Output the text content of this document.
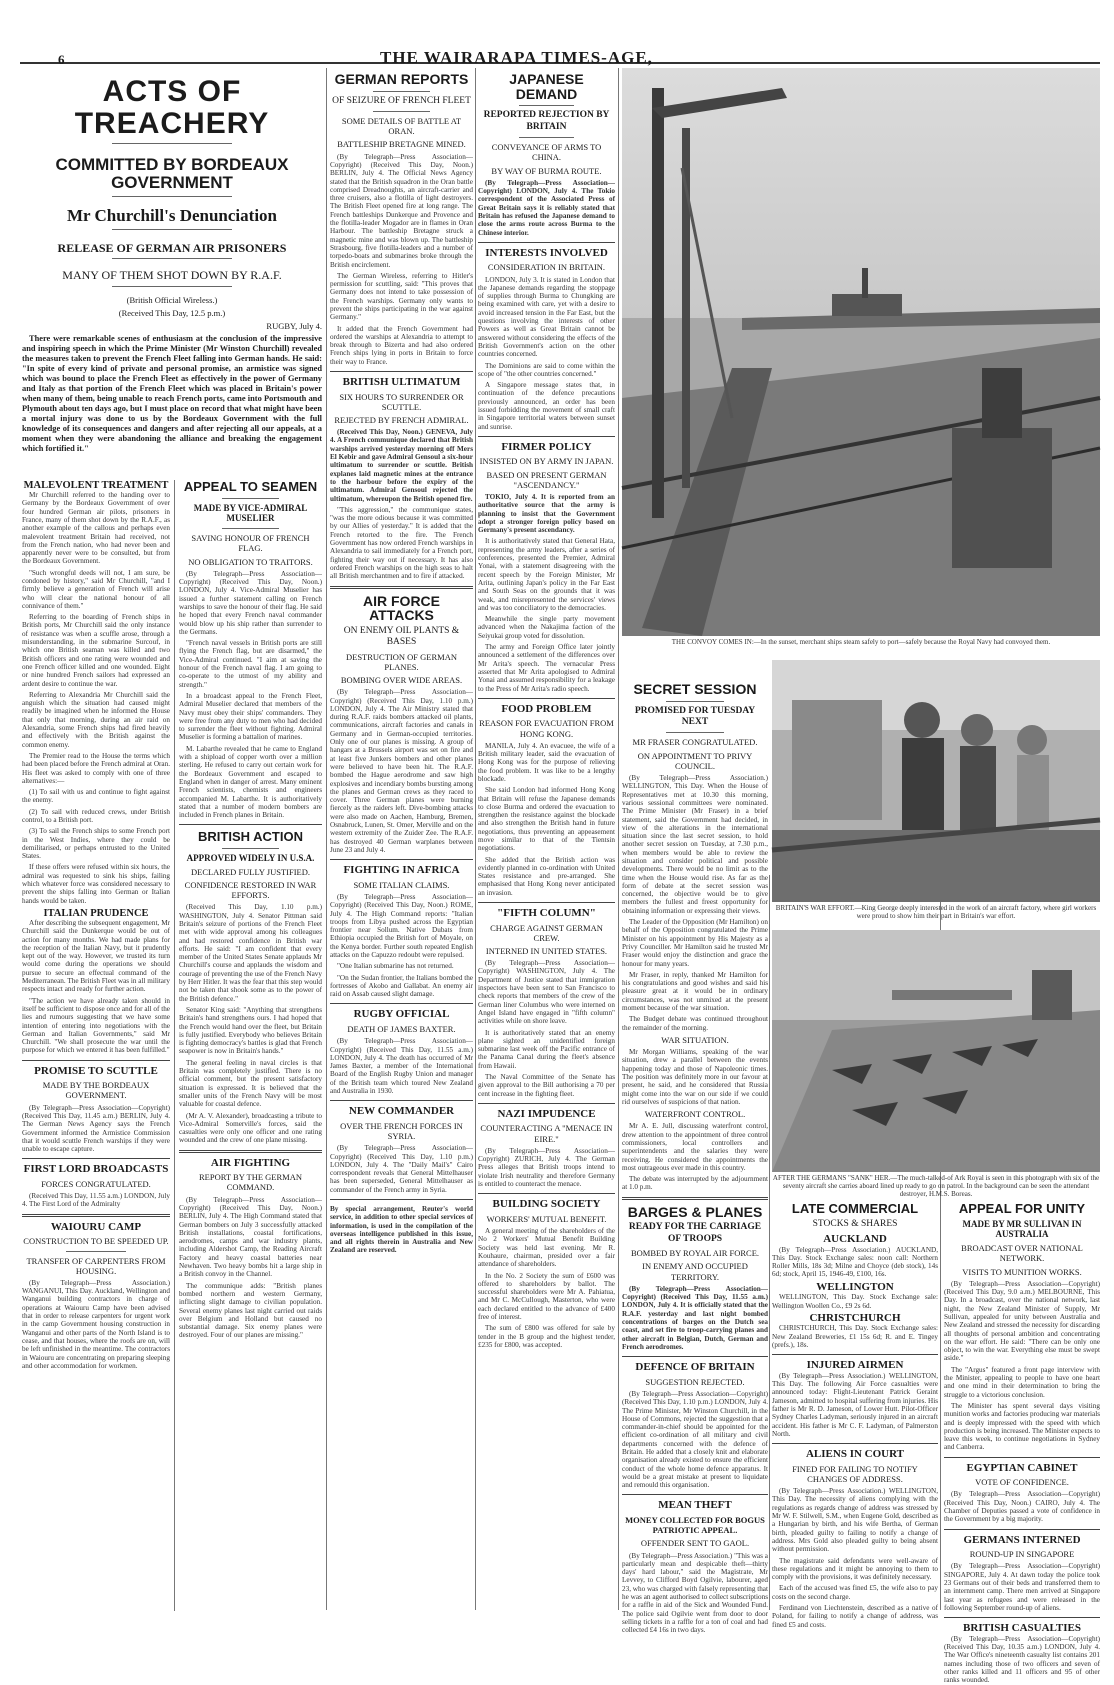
6	THE WAIRARAPA TIMES-AGE,
ACTS OF TREACHERY
COMMITTED BY BORDEAUX GOVERNMENT
Mr Churchill's Denunciation
RELEASE OF GERMAN AIR PRISONERS
MANY OF THEM SHOT DOWN BY R.A.F.
(British Official Wireless.)
(Received This Day, 12.5 p.m.)
RUGBY, July 4.
There were remarkable scenes of enthusiasm at the conclusion of the impressive and inspiring speech in which the Prime Minister (Mr Winston Churchill) revealed the measures taken to prevent the French Fleet falling into German hands. He said: "In spite of every kind of private and personal promise, an armistice was signed which was bound to place the French Fleet as effectively in the power of Germany and Italy as that portion of the French Fleet which was placed in Britain's power when many of them, being unable to reach French ports, came into Portsmouth and Plymouth about ten days ago, but I must place on record that what might have been a mortal injury was done to us by the Bordeaux Government with the full knowledge of its consequences and dangers and after rejecting all our appeals, at a moment when they were abandoning the alliance and breaking the engagement which fortified it."
MALEVOLENT TREATMENT
Mr Churchill referred to the handing over to Germany by the Bordeaux Government of over four hundred German air pilots, prisoners in France, many of them shot down by the R.A.F., as another example of the callous and perhaps even malevolent treatment Britain had received, not from the French nation, who had never been and apparently never were to be consulted, but from the Bordeaux Government.
"Such wrongful deeds will not, I am sure, be condoned by history," said Mr Churchill, "and I firmly believe a generation of French will arise who will clear the national honour of all connivance of them."
Referring to the boarding of French ships in British ports, Mr Churchill said the only instance of resistance was when a scuffle arose, through a misunderstanding, in the submarine Surcouf, in which one British seaman was killed and two British officers and one rating were wounded and one French officer killed and one wounded. Eight or nine hundred French sailors had expressed an ardent desire to continue the war.
Referring to Alexandria Mr Churchill said the anguish which the situation had caused might readily be imagined when he informed the House that only that morning, during an air raid on Alexandria, some French ships had fired heavily and effectively with the British against the common enemy.
The Premier read to the House the terms which had been placed before the French admiral at Oran. His fleet was asked to comply with one of three alternatives:—
(1) To sail with us and continue to fight against the enemy.
(2) To sail with reduced crews, under British control, to a British port.
(3) To sail the French ships to some French port in the West Indies, where they could be demilitarised, or perhaps entrusted to the United States.
If these offers were refused within six hours, the admiral was requested to sink his ships, failing which whatever force was considered necessary to prevent the ships falling into German or Italian hands would be taken.
ITALIAN PRUDENCE
After describing the subsequent engagement, Mr Churchill said the Dunkerque would be out of action for many months. We had made plans for the reception of the Italian Navy, but it prudently kept out of the way. However, we trusted its turn would come during the operations we should pursue to secure an effectual command of the Mediterranean. The British Fleet was in all military respects intact and ready for further action.
"The action we have already taken should in itself be sufficient to dispose once and for all of the lies and rumours suggesting that we have some intention of entering into negotiations with the German and Italian Governments," said Mr Churchill. "We shall prosecute the war until the purpose for which we entered it has been fulfilled."
PROMISE TO SCUTTLE
MADE BY THE BORDEAUX GOVERNMENT.
(By Telegraph—Press Association—Copyright) (Received This Day, 11.45 a.m.) BERLIN, July 4. The German News Agency says the French Government informed the Armistice Commission that it would scuttle French warships if they were unable to escape capture.
FIRST LORD BROADCASTS
FORCES CONGRATULATED.
(Received This Day, 11.55 a.m.) LONDON, July 4. The First Lord of the Admiralty
WAIOURU CAMP
CONSTRUCTION TO BE SPEEDED UP.
TRANSFER OF CARPENTERS FROM HOUSING.
(By Telegraph—Press Association.) WANGANUI, This Day. Auckland, Wellington and Wanganui building contractors in charge of operations at Waiouru Camp have been advised that in order to release carpenters for urgent work in the camp Government housing construction in Wanganui and other parts of the North Island is to cease, and that houses, where the roofs are on, will be left unfinished in the meantime. The contractors in Waiouru are concentrating on preparing sleeping and other accommodation for workmen.
APPEAL TO SEAMEN
MADE BY VICE-ADMIRAL MUSELIER
SAVING HONOUR OF FRENCH FLAG.
NO OBLIGATION TO TRAITORS.
(By Telegraph—Press Association—Copyright) (Received This Day, Noon.) LONDON, July 4. Vice-Admiral Muselier has issued a further statement calling on French warships to save the honour of their flag. He said he hoped that every French naval commander would blow up his ship rather than surrender to the Germans.
"French naval vessels in British ports are still flying the French flag, but are disarmed," the Vice-Admiral continued. "I aim at saving the honour of the French naval flag. I am going to co-operate to the utmost of my ability and strength."
In a broadcast appeal to the French Fleet, Admiral Muselier declared that members of the Navy must obey their ships' commanders. They were free from any duty to men who had decided to surrender the fleet without fighting. Admiral Muselier is forming a battalion of marines.
M. Labarthe revealed that he came to England with a shipload of copper worth over a million sterling. He refused to carry out certain work for the Bordeaux Government and escaped to England when in danger of arrest. Many eminent French scientists, chemists and engineers accompanied M. Labarthe. It is authoritatively stated that a number of modern bombers are included in French planes in Britain.
BRITISH ACTION
APPROVED WIDELY IN U.S.A.
DECLARED FULLY JUSTIFIED.
CONFIDENCE RESTORED IN WAR EFFORTS.
(Received This Day, 1.10 p.m.) WASHINGTON, July 4. Senator Pittman said Britain's seizure of portions of the French Fleet met with wide approval among his colleagues and had restored confidence in British war efforts. He said: "I am confident that every member of the United States Senate applauds Mr Churchill's course and applauds the wisdom and courage of preventing the use of the French Navy by Herr Hitler. It was the fear that this step would not be taken that shook some as to the power of the British defence."
Senator King said: "Anything that strengthens Britain's hand strengthens ours. I had hoped that the French would hand over the fleet, but Britain is fully justified. Everybody who believes Britain is fighting democracy's battles is glad that French seapower is now in Britain's hands."
The general feeling in naval circles is that Britain was completely justified. There is no official comment, but the present satisfactory situation is expressed. It is believed that the smaller units of the French Navy will be most valuable for coastal defence.
(Mr A. V. Alexander), broadcasting a tribute to Vice-Admiral Somerville's forces, said the casualties were only one officer and one rating wounded and the crew of one plane missing.
AIR FIGHTING
REPORT BY THE GERMAN COMMAND.
(By Telegraph—Press Association—Copyright) (Received This Day, Noon.) BERLIN, July 4. The High Command stated that German bombers on July 3 successfully attacked British installations, coastal fortifications, aerodromes, camps and war industry plants, including Aldershot Camp, the Reading Aircraft Factory and heavy coastal batteries near Newhaven. Two heavy bombs hit a large ship in a British convoy in the Channel.
The communique adds: "British planes bombed northern and western Germany, inflicting slight damage to civilian population. Several enemy planes last night carried out raids over Belgium and Holland but caused no substantial damage. Six enemy planes were destroyed. Four of our planes are missing."
GERMAN REPORTS
OF SEIZURE OF FRENCH FLEET
SOME DETAILS OF BATTLE AT ORAN.
BATTLESHIP BRETAGNE MINED.
(By Telegraph—Press Association—Copyright) (Received This Day, Noon.) BERLIN, July 4. The Official News Agency stated that the British squadron in the Oran battle comprised Dreadnoughts, an aircraft-carrier and three cruisers, also a flotilla of light destroyers. The British Fleet opened fire at long range. The French battleships Dunkerque and Provence and the flotilla-leader Mogador are in flames in Oran Harbour. The battleship Bretagne struck a magnetic mine and was blown up. The battleship Strasbourg, five flotilla-leaders and a number of torpedo-boats and submarines broke through the British encirclement.
The German Wireless, referring to Hitler's permission for scuttling, said: "This proves that Germany does not intend to take possession of the French warships. Germany only wants to prevent the ships participating in the war against Germany."
It added that the French Government had ordered the warships at Alexandria to attempt to break through to Bizerta and had also ordered French ships lying in ports in Britain to force their way to France.
BRITISH ULTIMATUM
SIX HOURS TO SURRENDER OR SCUTTLE.
REJECTED BY FRENCH ADMIRAL.
(Received This Day, Noon.) GENEVA, July 4. A French communique declared that British warships arrived yesterday morning off Mers El Kebir and gave Admiral Gensoul a six-hour ultimatum to surrender or scuttle. British explanes laid magnetic mines at the entrance to the harbour before the expiry of the ultimatum. Admiral Gensoul rejected the ultimatum, whereupon the British opened fire.
"This aggression," the communique states, "was the more odious because it was committed by our Allies of yesterday." It is added that the French retorted to the fire. The French Government has now ordered French warships in Alexandria to sail immediately for a French port, fighting their way out if necessary. It has also ordered French warships on the high seas to halt all British merchantmen and to fire if attacked.
AIR FORCE ATTACKS
ON ENEMY OIL PLANTS & BASES
DESTRUCTION OF GERMAN PLANES.
BOMBING OVER WIDE AREAS.
(By Telegraph—Press Association—Copyright) (Received This Day, 1.10 p.m.) LONDON, July 4. The Air Ministry stated that during R.A.F. raids bombers attacked oil plants, communications, aircraft factories and canals in Germany and in German-occupied territories. Only one of our planes is missing. A group of hangars at a Brussels airport was set on fire and at least five Junkers bombers and other planes were believed to have been hit. The R.A.F. bombed the Hague aerodrome and saw high explosives and incendiary bombs bursting among the planes and German crews as they raced to cover. Three German planes were burning fiercely as the raiders left. Dive-bombing attacks were also made on Aachen, Hamburg, Bremen, Osnabruck, Lunen, St. Omer, Merville and on the western extremity of the Zuider Zee. The R.A.F. has destroyed 40 German warplanes between June 23 and July 4.
FIGHTING IN AFRICA
SOME ITALIAN CLAIMS.
(By Telegraph—Press Association—Copyright) (Received This Day, Noon.) ROME, July 4. The High Command reports: "Italian troops from Libya pushed across the Egyptian frontier near Sollum. Native Dubats from Ethiopia occupied the British fort of Moyale, on the Kenya border. Further south repeated English attacks on the Capuzzo redoubt were repulsed.
"One Italian submarine has not returned.
"On the Sudan frontier, the Italians bombed the fortresses of Akobo and Gallabat. An enemy air raid on Assab caused slight damage.
RUGBY OFFICIAL
DEATH OF JAMES BAXTER.
(By Telegraph—Press Association—Copyright) (Received This Day, 11.55 a.m.) LONDON, July 4. The death has occurred of Mr James Baxter, a member of the International Board of the English Rugby Union and manager of the British team which toured New Zealand and Australia in 1930.
NEW COMMANDER
OVER THE FRENCH FORCES IN SYRIA.
(By Telegraph—Press Association—Copyright) (Received This Day, 1.10 p.m.) LONDON, July 4. The "Daily Mail's" Cairo correspondent reveals that General Mittelhauser has been superseded, General Mittelhauser as commander of the French army in Syria.
By special arrangement, Reuter's world service, in addition to other special services of information, is used in the compilation of the overseas intelligence published in this issue, and all rights therein in Australia and New Zealand are reserved.
JAPANESE DEMAND
REPORTED REJECTION BY BRITAIN
CONVEYANCE OF ARMS TO CHINA.
BY WAY OF BURMA ROUTE.
(By Telegraph—Press Association—Copyright) LONDON, July 4. The Tokio correspondent of the Associated Press of Great Britain says it is reliably stated that Britain has refused the Japanese demand to close the arms route across Burma to the Chinese interior.
INTERESTS INVOLVED
CONSIDERATION IN BRITAIN.
LONDON, July 3. It is stated in London that the Japanese demands regarding the stoppage of supplies through Burma to Chungking are being examined with care, yet with a desire to avoid increased tension in the Far East, but the questions involving the interests of other Powers as well as Great Britain cannot be answered without considering the effects of the British Government's action on the other countries concerned.
The Dominions are said to come within the scope of "the other countries concerned."
A Singapore message states that, in continuation of the defence precautions previously announced, an order has been issued forbidding the movement of small craft in Singapore territorial waters between sunset and sunrise.
FIRMER POLICY
INSISTED ON BY ARMY IN JAPAN.
BASED ON PRESENT GERMAN "ASCENDANCY."
TOKIO, July 4. It is reported from an authoritative source that the army is planning to insist that the Government adopt a stronger foreign policy based on Germany's present ascendancy.
It is authoritatively stated that General Hata, representing the army leaders, after a series of conferences, presented the Premier, Admiral Yonai, with a statement disagreeing with the recent speech by the Foreign Minister, Mr Arita, outlining Japan's policy in the Far East and South Seas on the grounds that it was weak, and misrepresented the services' views and was too conciliatory to the democracies.
Meanwhile the single party movement advanced when the Nakajima faction of the Seiyukai group voted for dissolution.
The army and Foreign Office later jointly announced a settlement of the differences over Mr Arita's speech. The vernacular Press asserted that Mr Arita apologised to Admiral Yonai and assumed responsibility for a leakage to the Press of Mr Arita's radio speech.
FOOD PROBLEM
REASON FOR EVACUATION FROM HONG KONG.
MANILA, July 4. An evacuee, the wife of a British military leader, said the evacuation of Hong Kong was for the purpose of relieving the food problem. It was like to be a lengthy blockade.
She said London had informed Hong Kong that Britain will refuse the Japanese demands to close Burma and ordered the evacuation to strengthen the resistance against the blockade and also strengthen the British hand in future negotiations, thus preventing an appeasement move similar to that of the Tientsin negotiations.
She added that the British action was evidently planned in co-ordination with United States resistance and pre-arranged. She emphasised that Hong Kong never anticipated an invasion.
"FIFTH COLUMN"
CHARGE AGAINST GERMAN CREW.
INTERNED IN UNITED STATES.
(By Telegraph—Press Association—Copyright) WASHINGTON, July 4. The Department of Justice stated that immigration inspectors have been sent to San Francisco to check reports that members of the crew of the German liner Columbus who were interned on Angel Island have engaged in "fifth column" activities while on shore leave.
It is authoritatively stated that an enemy plane sighted an unidentified foreign submarine last week off the Pacific entrance of the Panama Canal during the fleet's absence from Hawaii.
The Naval Committee of the Senate has given approval to the Bill authorising a 70 per cent increase in the fighting fleet.
NAZI IMPUDENCE
COUNTERACTING A "MENACE IN EIRE."
(By Telegraph—Press Association—Copyright) ZURICH, July 4. The German Press alleges that British troops intend to violate Irish neutrality and therefore Germany is entitled to counteract the menace.
BUILDING SOCIETY
WORKERS' MUTUAL BENEFIT.
A general meeting of the shareholders of the No 2 Workers' Mutual Benefit Building Society was held last evening. Mr R. Kouhaure, chairman, presided over a fair attendance of shareholders.
In the No. 2 Society the sum of £600 was offered to shareholders by ballot. The successful shareholders were Mr A. Pahiatua, and Mr C. McCullough, Masterton, who were each declared entitled to the advance of £400 free of interest.
The sum of £800 was offered for sale by tender in the B group and the highest tender, £235 for £800, was accepted.
THE CONVOY COMES IN:—In the sunset, merchant ships steam safely to port—safely because the Royal Navy had convoyed them.
BRITAIN'S WAR EFFORT.—King George deeply interested in the work of an aircraft factory, where girl workers were proud to show him their part in Britain's war effort.
AFTER THE GERMANS "SANK" HER.—The much-talked-of Ark Royal is seen in this photograph with six of the seventy aircraft she carries aboard lined up ready to go on patrol. In the background can be seen the attendant destroyer, H.M.S. Boreas.
SECRET SESSION
PROMISED FOR TUESDAY NEXT
MR FRASER CONGRATULATED.
ON APPOINTMENT TO PRIVY COUNCIL.
(By Telegraph—Press Association.) WELLINGTON, This Day. When the House of Representatives met at 10.30 this morning, various sessional committees were nominated. The Prime Minister (Mr Fraser) in a brief statement, said the Government had decided, in view of the alterations in the international situation since the last secret session, to hold another secret session on Tuesday, at 7.30 p.m., when members would be able to review the situation and consider political and possible developments. There would be no limit as to the time when the House would rise. As far as the form of debate at the secret session was concerned, the objective would be to give members the fullest and freest opportunity for obtaining information or expressing their views.
The Leader of the Opposition (Mr Hamilton) on behalf of the Opposition congratulated the Prime Minister on his appointment by His Majesty as a Privy Counciller. Mr Hamilton said he trusted Mr Fraser would enjoy the distinction and grace the honour for many years.
Mr Fraser, in reply, thanked Mr Hamilton for his congratulations and good wishes and said his pleasure great at it would be in ordinary circumstances, was not unmixed at the present moment because of the war situation.
The Budget debate was continued throughout the remainder of the morning.
WAR SITUATION.
Mr Morgan Williams, speaking of the war situation, drew a parallel between the events happening today and those of Napoleonic times. The position was definitely more in our favour at present, he said, and he considered that Russia might come into the war on our side if we could rid ourselves of suspicions of that nation.
WATERFRONT CONTROL.
Mr A. E. Jull, discussing waterfront control, drew attention to the appointment of three control commissioners, local controllers and superintendents and the salaries they were receiving. He considered the appointments the most outrageous ever made in this country.
The debate was interrupted by the adjournment at 1.0 p.m.
BARGES & PLANES
READY FOR THE CARRIAGE OF TROOPS
BOMBED BY ROYAL AIR FORCE.
IN ENEMY AND OCCUPIED TERRITORY.
(By Telegraph—Press Association—Copyright) (Received This Day, 11.55 a.m.) LONDON, July 4. It is officially stated that the R.A.F. yesterday and last night bombed concentrations of barges on the Dutch sea coast, and set fire to troop-carrying planes and other aircraft in Belgian, Dutch, German and French aerodromes.
DEFENCE OF BRITAIN
SUGGESTION REJECTED.
(By Telegraph—Press Association—Copyright) (Received This Day, 1.10 p.m.) LONDON, July 4. The Prime Minister, Mr Winston Churchill, in the House of Commons, rejected the suggestion that a commander-in-chief should be appointed for the efficient co-ordination of all military and civil departments concerned with the defence of Britain. He added that a closely knit and elaborate organisation already existed to ensure the efficient conduct of the whole home defence apparatus. It would be a great mistake at present to liquidate and remould this organisation.
MEAN THEFT
MONEY COLLECTED FOR BOGUS PATRIOTIC APPEAL.
OFFENDER SENT TO GAOL.
(By Telegraph—Press Association.) "This was a particularly mean and despicable theft—thirty days' hard labour," said the Magistrate, Mr Levvey, to Clifford Boyd Ogilvie, labourer, aged 23, who was charged with falsely representing that he was an agent authorised to collect subscriptions for a raffle in aid of the Sick and Wounded Fund. The police said Ogilvie went from door to door selling tickets in a raffle for a ton of coal and had collected £4 16s in two days.
LATE COMMERCIAL
STOCKS & SHARES
AUCKLAND
(By Telegraph—Press Association.) AUCKLAND, This Day. Stock Exchange sales: noon call: Northern Roller Mills, 18s 3d; Milne and Choyce (deb stock), 14s 6d; stock, April 15, 1946-49, £100, 16s.
WELLINGTON
WELLINGTON, This Day. Stock Exchange sale: Wellington Woollen Co., £9 2s 6d.
CHRISTCHURCH
CHRISTCHURCH, This Day. Stock Exchange sales: New Zealand Breweries, £1 15s 6d; R. and E. Tingey (prefs.), 18s.
INJURED AIRMEN
(By Telegraph—Press Association.) WELLINGTON, This Day. The following Air Force casualties were announced today: Flight-Lieutenant Patrick Geraint Jameson, admitted to hospital suffering from injuries. His father is Mr R. D. Jameson, of Lower Hutt. Pilot-Officer Sydney Charles Ladyman, seriously injured in an aircraft accident. His father is Mr C. F. Ladyman, of Palmerston North.
ALIENS IN COURT
FINED FOR FAILING TO NOTIFY CHANGES OF ADDRESS.
(By Telegraph—Press Association.) WELLINGTON, This Day. The necessity of aliens complying with the regulations as regards change of address was stressed by Mr W. F. Stilwell, S.M., when Eugene Gold, described as a Hungarian by birth, and his wife Bertha, of German birth, pleaded guilty to failing to notify a change of address. Mrs Gold also pleaded guilty to being absent without permission.
The magistrate said defendants were well-aware of these regulations and it might be annoying to them to comply with the provisions, it was definitely necessary.
Each of the accused was fined £5, the wife also to pay costs on the second charge.
Ferdinand von Liechtenstein, described as a native of Poland, for failing to notify a change of address, was fined £5 and costs.
APPEAL FOR UNITY
MADE BY MR SULLIVAN IN AUSTRALIA
BROADCAST OVER NATIONAL NETWORK.
VISITS TO MUNITION WORKS.
(By Telegraph—Press Association—Copyright) (Received This Day, 9.0 a.m.) MELBOURNE, This Day. In a broadcast, over the national network, last night, the New Zealand Minister of Supply, Mr Sullivan, appealed for unity between Australia and New Zealand and stressed the necessity for discarding all thoughts of personal ambition and concentrating on the war effort. He said: "There can be only one object, to win the war. Everything else must be swept aside."
The "Argus" featured a front page interview with the Minister, appealing to people to have one heart and one mind in their determination to bring the struggle to a victorious conclusion.
The Minister has spent several days visiting munition works and factories producing war materials and is deeply impressed with the speed with which production is being increased. The Minister expects to leave this week, to continue negotiations in Sydney and Canberra.
EGYPTIAN CABINET
VOTE OF CONFIDENCE.
(By Telegraph—Press Association—Copyright) (Received This Day, Noon.) CAIRO, July 4. The Chamber of Deputies passed a vote of confidence in the Government by a big majority.
GERMANS INTERNED
ROUND-UP IN SINGAPORE
(By Telegraph—Press Association—Copyright) SINGAPORE, July 4. At dawn today the police took 23 Germans out of their beds and transferred them to an internment camp. There men arrived at Singapore last year as refugees and were released in the following September round-up of aliens.
BRITISH CASUALTIES
(By Telegraph—Press Association—Copyright) (Received This Day, 10.35 a.m.) LONDON, July 4. The War Office's nineteenth casualty list contains 201 names including those of two officers and seven of other ranks killed and 11 officers and 95 of other ranks wounded.
